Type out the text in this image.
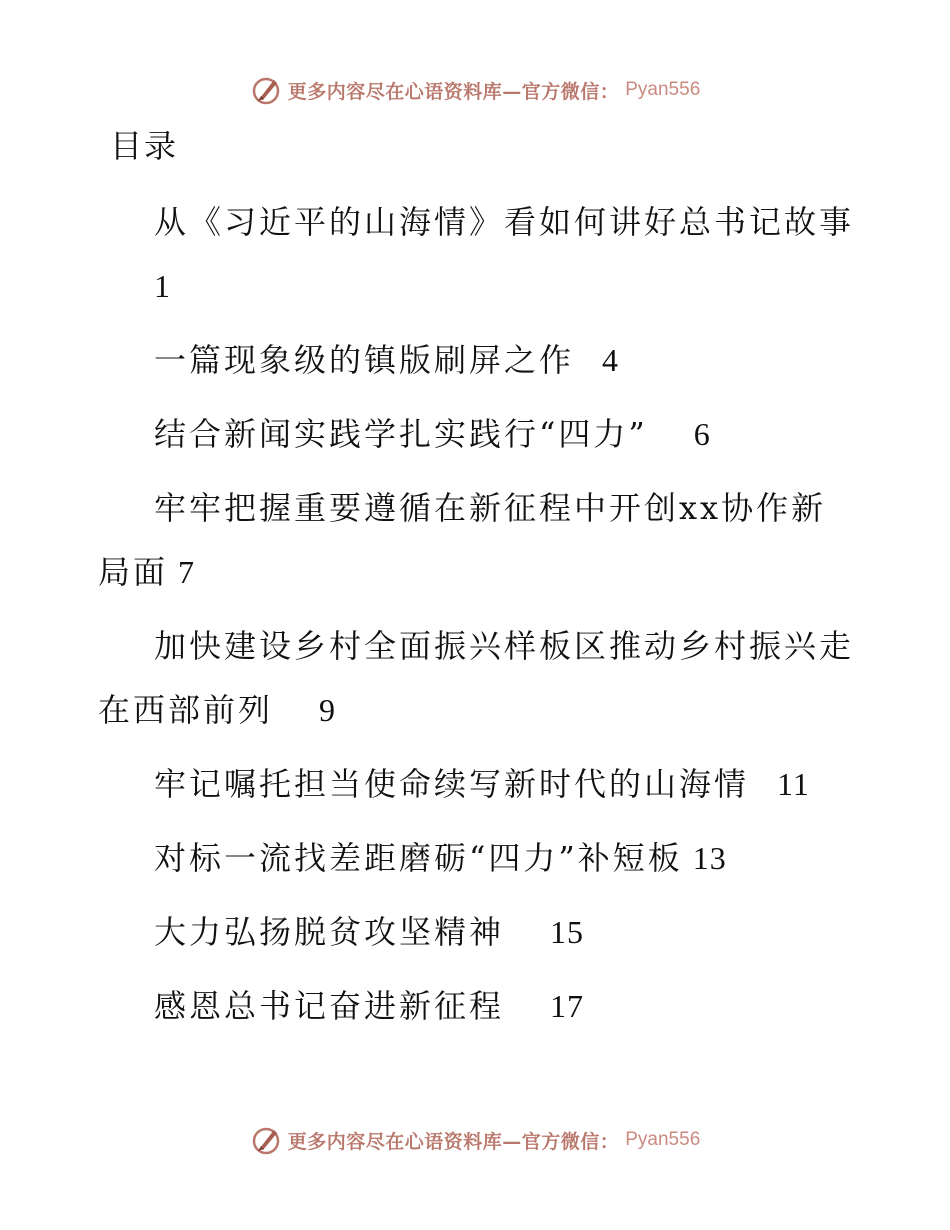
更多内容尽在心语资料库—官方微信： Pyan556
目录
从《习近平的山海情》看如何讲好总书记故事
1
一篇现象级的镇版刷屏之作 4
结合新闻实践学扎实践行“四力” 6
牢牢把握重要遵循在新征程中开创xx协作新局面 7
加快建设乡村全面振兴样板区推动乡村振兴走在西部前列 9
牢记嘱托担当使命续写新时代的山海情 11
对标一流找差距磨砺“四力”补短板 13
大力弘扬脱贫攻坚精神 15
感恩总书记奋进新征程 17
更多内容尽在心语资料库—官方微信： Pyan556
